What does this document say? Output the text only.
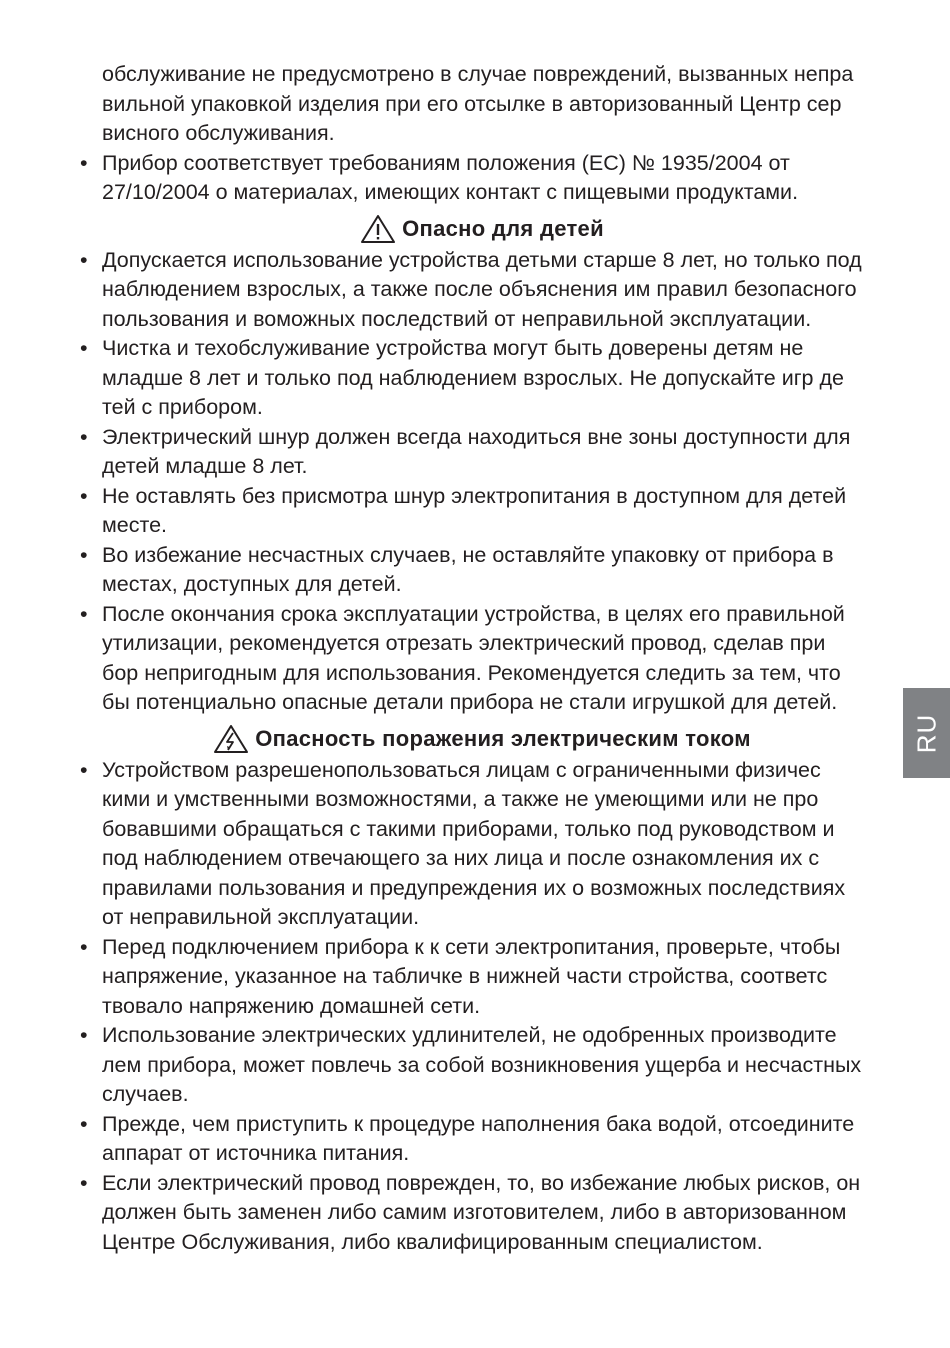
обслуживание не предусмотрено в случае повреждений, вызванных непра
вильной упаковкой изделия при его отсылке в авторизованный Центр сер
висного обслуживания.
• Прибор соответствует требованиям положения (ЕС) № 1935/2004 от
27/10/2004 о материалах, имеющих контакт с пищевыми продуктами.
Опасно для детей
• Допускается использование устройства детьми старше 8 лет, но только под
наблюдением взрослых, а также после объяснения им правил безопасного
пользования и воможных последствий от неправильной эксплуатации.
• Чистка и техобслуживание устройства могут быть доверены детям не
младше 8 лет и только под наблюдением взрослых. Не допускайте игр де
тей с прибором.
• Электрический шнур должен всегда находиться вне зоны доступности для
детей младше 8 лет.
• Не оставлять без присмотра шнур электропитания в доступном для детей
месте.
• Во избежание несчастных случаев, не оставляйте упаковку от прибора в
местах, доступных для детей.
• После окончания срока эксплуатации устройства, в целях его правильной
утилизации, рекомендуется отрезать электрический провод, сделав при
бор непригодным для использования. Рекомендуется следить за тем, что
бы потенциально опасные детали прибора не стали игрушкой для детей.
Опасность поражения электрическим током
• Устройством разрешенопользоваться лицам с ограниченными физичес
кими и умственными возможностями, а также не умеющими или не про
бовавшими обращаться с такими приборами, только под руководством и
под наблюдением отвечающего за них лица и после ознакомления их с
правилами пользования и предупреждения их о возможных последствиях
от неправильной эксплуатации.
• Перед подключением прибора к к сети электропитания, проверьте, чтобы
напряжение, указанное на табличке в нижней части стройства, соответс
твовало напряжению домашней сети.
• Использование электрических удлинителей, не одобренных производите
лем прибора, может повлечь за собой возникновения ущерба и несчастных
случаев.
• Прежде, чем приступить к процедуре наполнения бака водой, отсоедините
аппарат от источника питания.
• Если электрический провод поврежден, то, во избежание любых рисков, он
должен быть заменен либо самим изготовителем, либо в авторизованном
Центре Обслуживания, либо квалифицированным специалистом.
RU
